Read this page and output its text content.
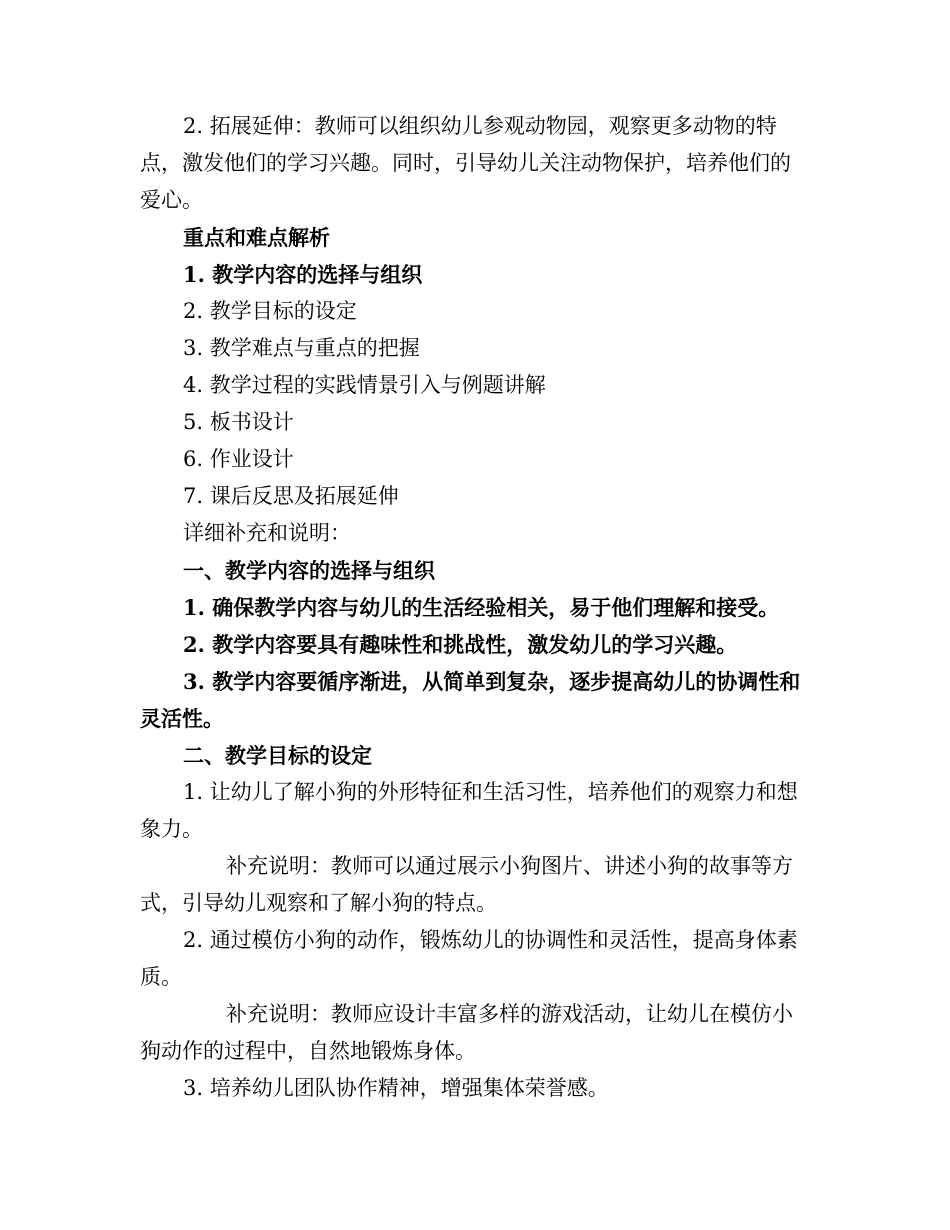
2. 拓展延伸：教师可以组织幼儿参观动物园，观察更多动物的特点，激发他们的学习兴趣。同时，引导幼儿关注动物保护，培养他们的爱心。

重点和难点解析

1. 教学内容的选择与组织

2. 教学目标的设定

3. 教学难点与重点的把握

4. 教学过程的实践情景引入与例题讲解

5. 板书设计

6. 作业设计

7. 课后反思及拓展延伸

详细补充和说明：

一、教学内容的选择与组织

1. 确保教学内容与幼儿的生活经验相关，易于他们理解和接受。

2. 教学内容要具有趣味性和挑战性，激发幼儿的学习兴趣。

3. 教学内容要循序渐进，从简单到复杂，逐步提高幼儿的协调性和灵活性。

二、教学目标的设定

1. 让幼儿了解小狗的外形特征和生活习性，培养他们的观察力和想象力。

补充说明：教师可以通过展示小狗图片、讲述小狗的故事等方式，引导幼儿观察和了解小狗的特点。

2. 通过模仿小狗的动作，锻炼幼儿的协调性和灵活性，提高身体素质。

补充说明：教师应设计丰富多样的游戏活动，让幼儿在模仿小狗动作的过程中，自然地锻炼身体。

3. 培养幼儿团队协作精神，增强集体荣誉感。
